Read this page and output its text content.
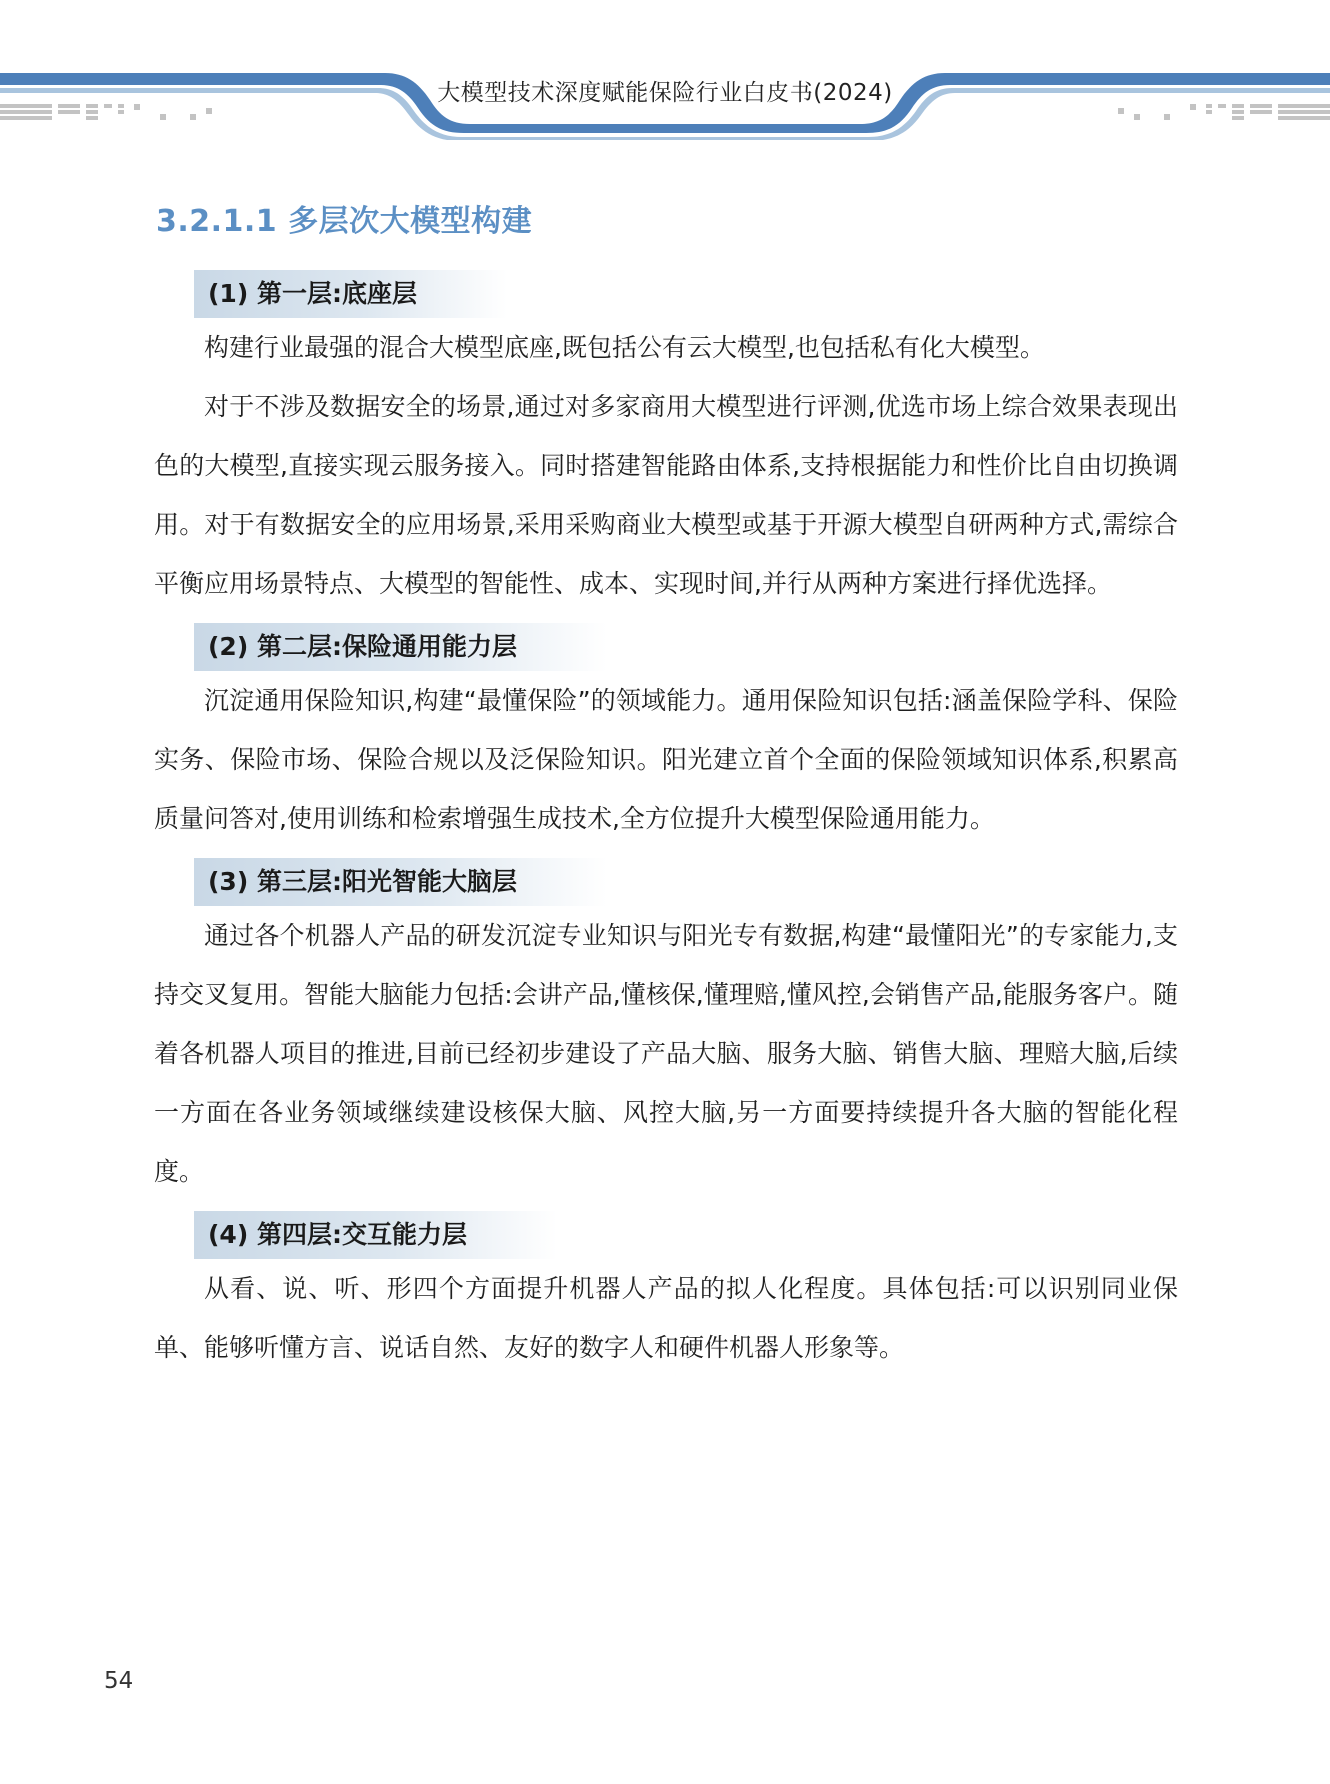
大模型技术深度赋能保险行业白皮书(2024)
3.2.1.1 多层次大模型构建
(1) 第一层:底座层

构建行业最强的混合大模型底座,既包括公有云大模型,也包括私有化大模型。

对于不涉及数据安全的场景,通过对多家商用大模型进行评测,优选市场上综合效果表现出色的大模型,直接实现云服务接入。同时搭建智能路由体系,支持根据能力和性价比自由切换调用。对于有数据安全的应用场景,采用采购商业大模型或基于开源大模型自研两种方式,需综合平衡应用场景特点、大模型的智能性、成本、实现时间,并行从两种方案进行择优选择。

(2) 第二层:保险通用能力层

沉淀通用保险知识,构建“最懂保险”的领域能力。通用保险知识包括:涵盖保险学科、保险实务、保险市场、保险合规以及泛保险知识。阳光建立首个全面的保险领域知识体系,积累高质量问答对,使用训练和检索增强生成技术,全方位提升大模型保险通用能力。

(3) 第三层:阳光智能大脑层

通过各个机器人产品的研发沉淀专业知识与阳光专有数据,构建“最懂阳光”的专家能力,支持交叉复用。智能大脑能力包括:会讲产品,懂核保,懂理赔,懂风控,会销售产品,能服务客户。随着各机器人项目的推进,目前已经初步建设了产品大脑、服务大脑、销售大脑、理赔大脑,后续一方面在各业务领域继续建设核保大脑、风控大脑,另一方面要持续提升各大脑的智能化程度。

(4) 第四层:交互能力层

从看、说、听、形四个方面提升机器人产品的拟人化程度。具体包括:可以识别同业保单、能够听懂方言、说话自然、友好的数字人和硬件机器人形象等。

54
